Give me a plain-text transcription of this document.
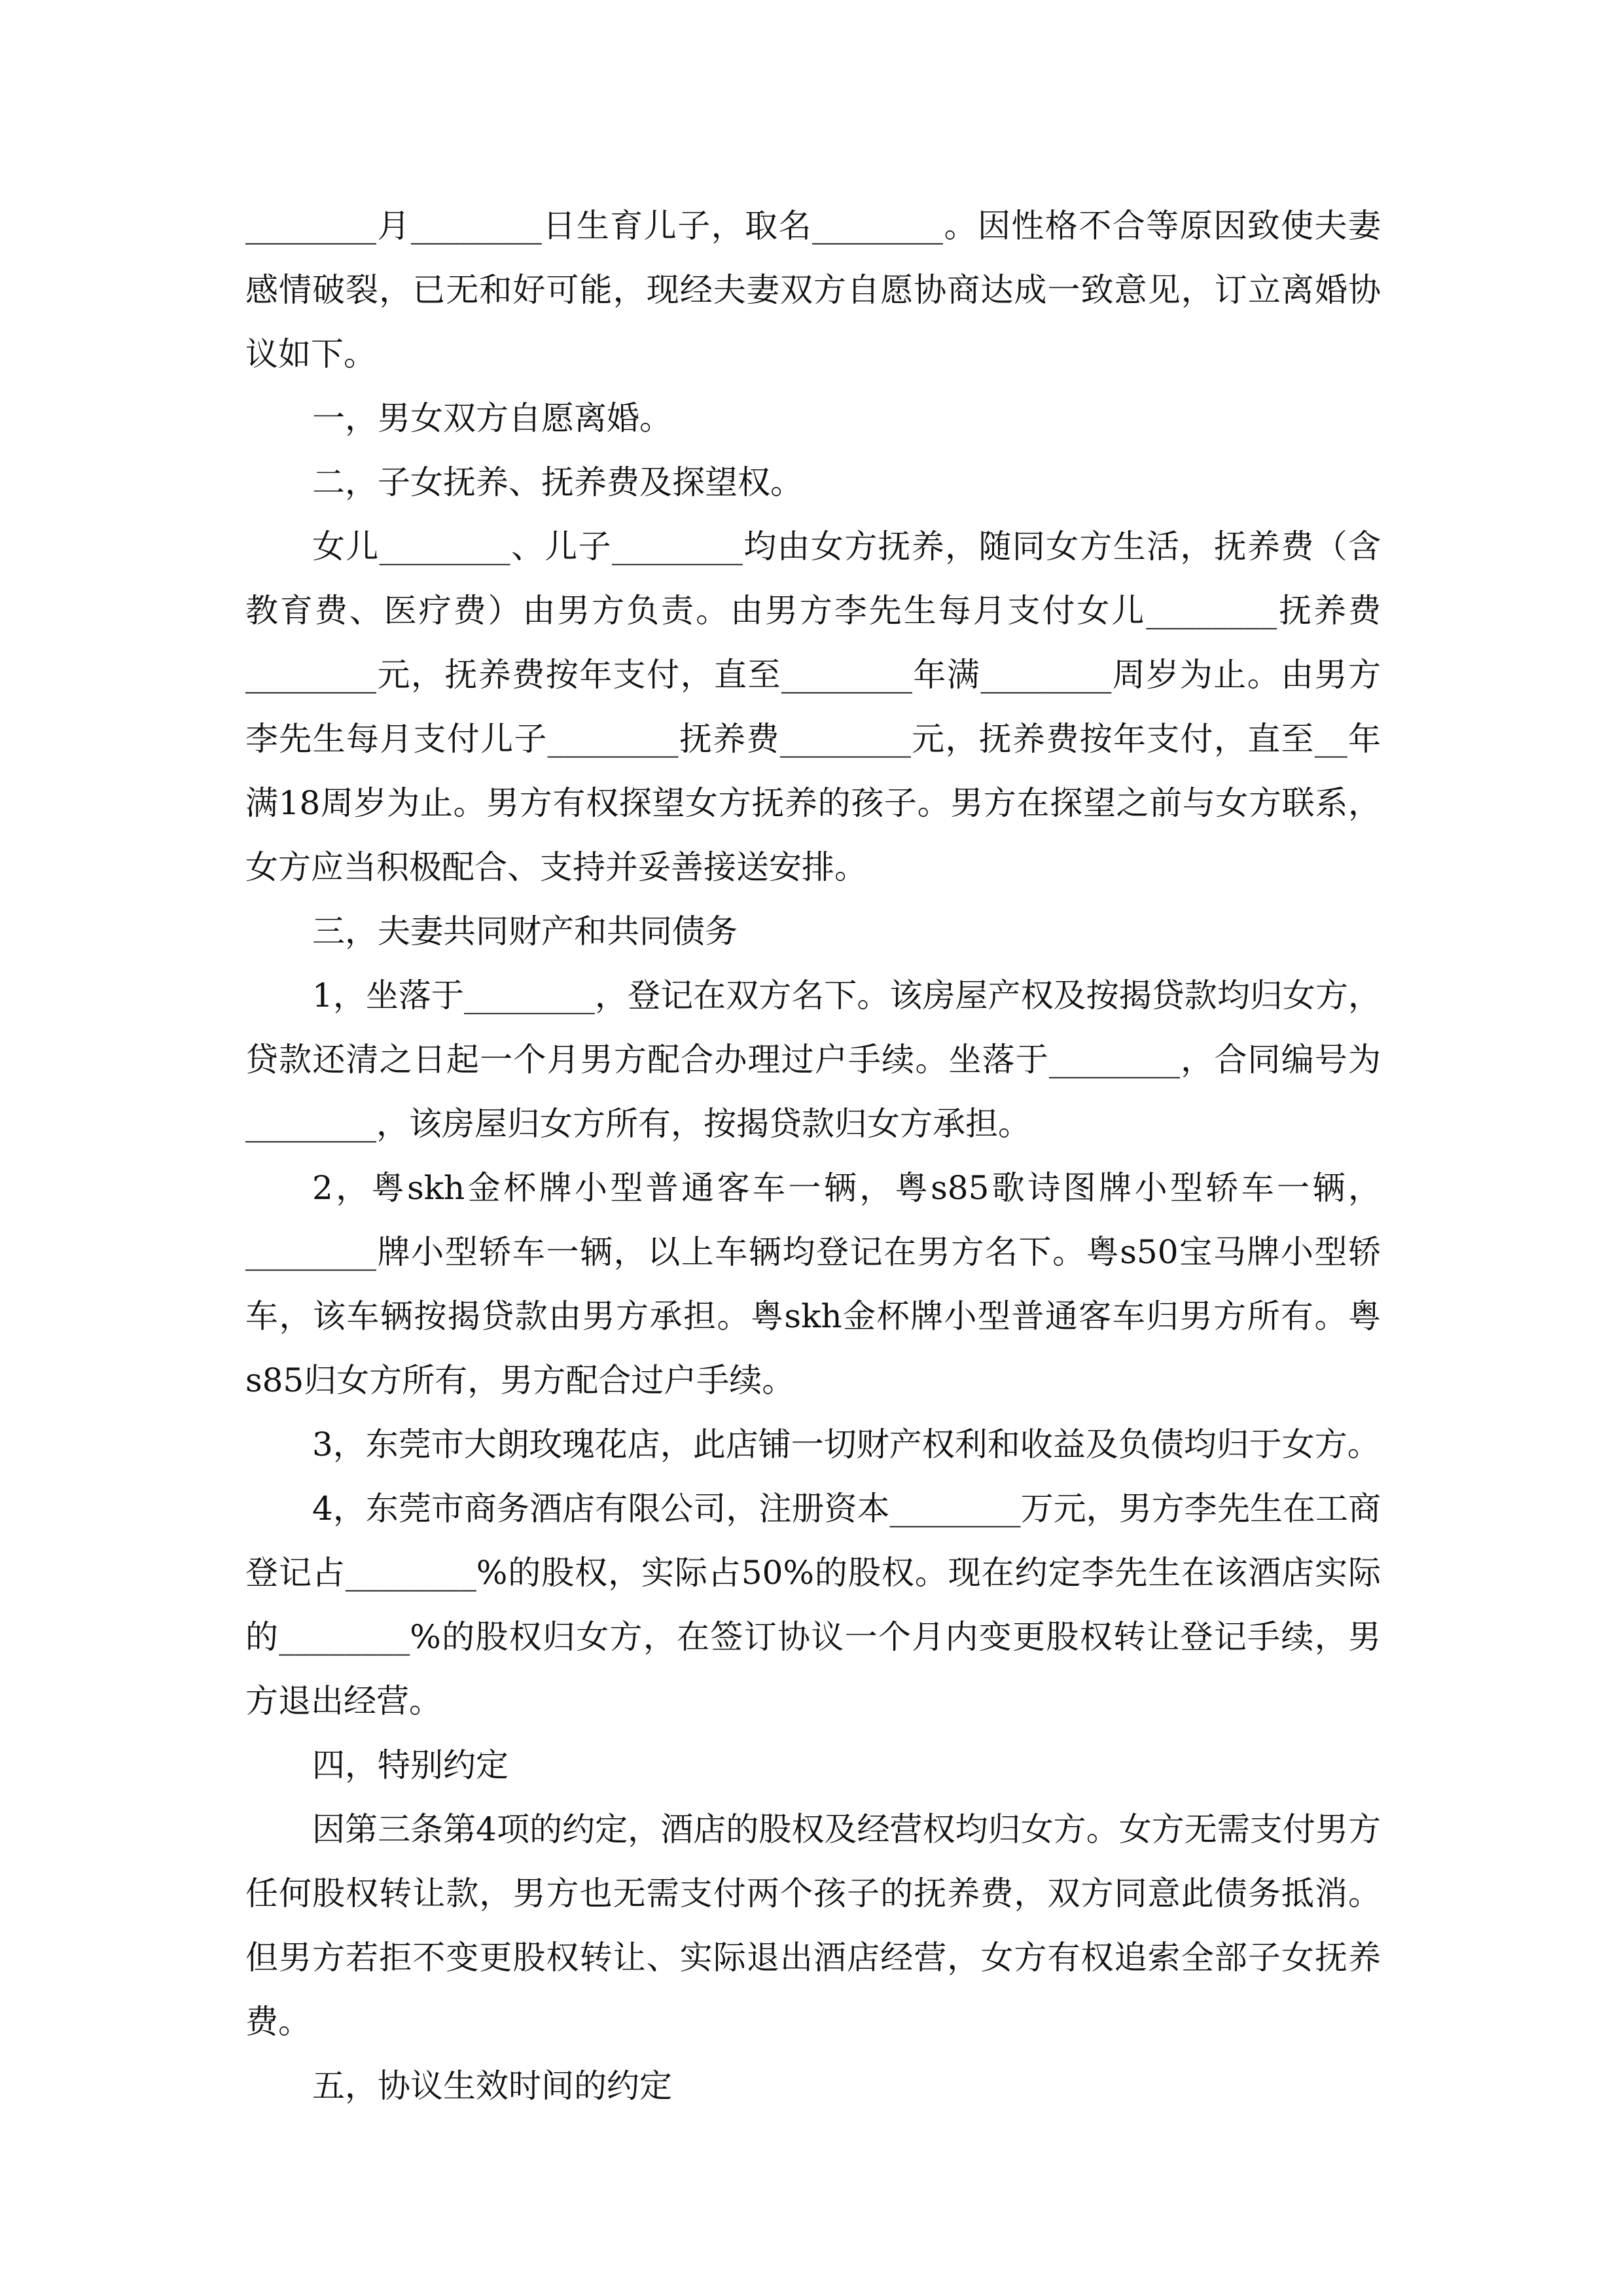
________月________日生育儿子，取名________。因性格不合等原因致使夫妻感情破裂，已无和好可能，现经夫妻双方自愿协商达成一致意见，订立离婚协议如下。

一，男女双方自愿离婚。

二，子女抚养、抚养费及探望权。

女儿________、儿子________均由女方抚养，随同女方生活，抚养费（含教育费、医疗费）由男方负责。由男方李先生每月支付女儿________抚养费________元，抚养费按年支付，直至________年满________周岁为止。由男方李先生每月支付儿子________抚养费________元，抚养费按年支付，直至__年满18周岁为止。男方有权探望女方抚养的孩子。男方在探望之前与女方联系，女方应当积极配合、支持并妥善接送安排。

三，夫妻共同财产和共同债务

1，坐落于________，登记在双方名下。该房屋产权及按揭贷款均归女方，贷款还清之日起一个月男方配合办理过户手续。坐落于________，合同编号为________，该房屋归女方所有，按揭贷款归女方承担。

2，粤skh金杯牌小型普通客车一辆，粤s85歌诗图牌小型轿车一辆，________牌小型轿车一辆，以上车辆均登记在男方名下。粤s50宝马牌小型轿车，该车辆按揭贷款由男方承担。粤skh金杯牌小型普通客车归男方所有。粤s85归女方所有，男方配合过户手续。

3，东莞市大朗玫瑰花店，此店铺一切财产权利和收益及负债均归于女方。

4，东莞市商务酒店有限公司，注册资本________万元，男方李先生在工商登记占________%的股权，实际占50%的股权。现在约定李先生在该酒店实际的________%的股权归女方，在签订协议一个月内变更股权转让登记手续，男方退出经营。

四，特别约定

因第三条第4项的约定，酒店的股权及经营权均归女方。女方无需支付男方任何股权转让款，男方也无需支付两个孩子的抚养费，双方同意此债务抵消。但男方若拒不变更股权转让、实际退出酒店经营，女方有权追索全部子女抚养费。

五，协议生效时间的约定
